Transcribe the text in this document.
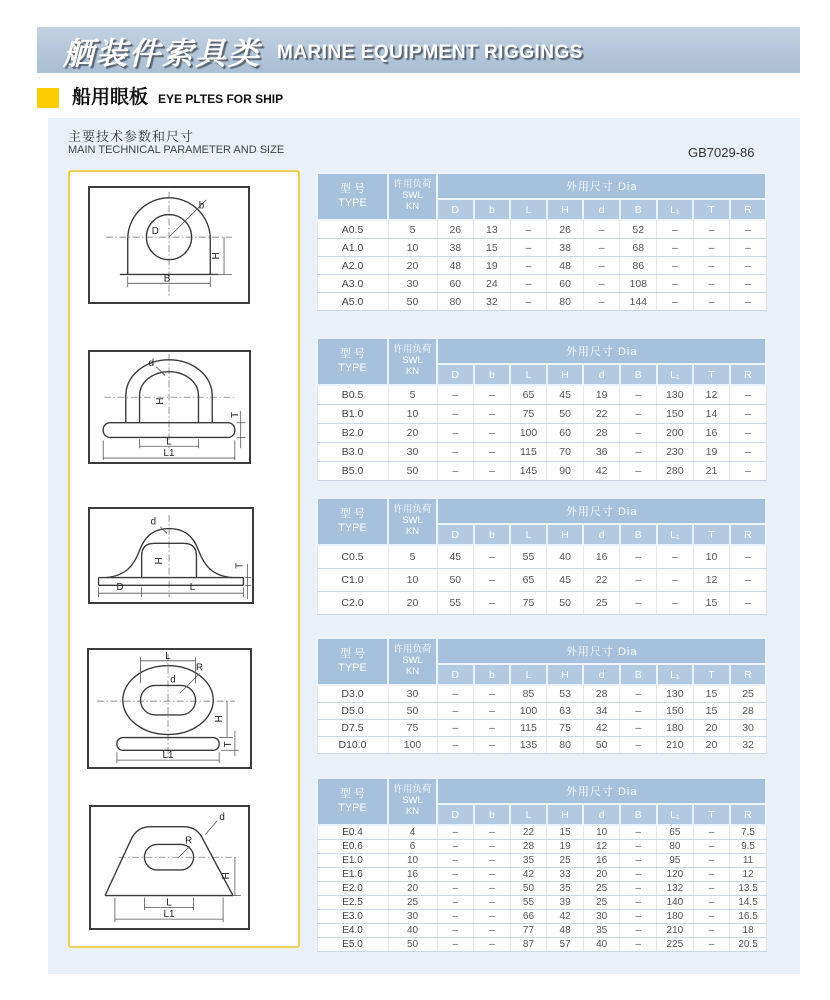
舾装件索具类 MARINE EQUIPMENT RIGGINGS
船用眼板 EYE PLTES FOR SHIP
主要技术参数和尺寸
MAIN TECHNICAL PARAMETER AND SIZE	GB7029-86
D
b
H
B
d
H
L
L1
T
d
H
D	L
T
L
d
R
H
L1
T
d
R
H
L
L1
型 号
TYPE	许用负荷
SWL
KN	外用尺寸 Dia								
		D	b	L	H	d	B	L₁	T	R
A0.5	5	26	13	–	26	–	52	–	–	–
A1.0	10	38	15	–	38	–	68	–	–	–
A2.0	20	48	19	–	48	–	86	–	–	–
A3.0	30	60	24	–	60	–	108	–	–	–
A5.0	50	80	32	–	80	–	144	–	–	–
型 号
TYPE	许用负荷
SWL
KN	外用尺寸 Dia								
		D	b	L	H	d	B	L₁	T	R
B0.5	5	–	–	65	45	19	–	130	12	–
B1.0	10	–	–	75	50	22	–	150	14	–
B2.0	20	–	–	100	60	28	–	200	16	–
B3.0	30	–	–	115	70	36	–	230	19	–
B5.0	50	–	–	145	90	42	–	280	21	–
型 号
TYPE	许用负荷
SWL
KN	外用尺寸 Dia								
		D	b	L	H	d	B	L₁	T	R
C0.5	5	45	–	55	40	16	–	–	10	–
C1.0	10	50	–	65	45	22	–	–	12	–
C2.0	20	55	–	75	50	25	–	–	15	–
型 号
TYPE	许用负荷
SWL
KN	外用尺寸 Dia								
		D	b	L	H	d	B	L₁	T	R
D3.0	30	–	–	85	53	28	–	130	15	25
D5.0	50	–	–	100	63	34	–	150	15	28
D7.5	75	–	–	115	75	42	–	180	20	30
D10.0	100	–	–	135	80	50	–	210	20	32
型 号
TYPE	许用负荷
SWL
KN	外用尺寸 Dia								
		D	b	L	H	d	B	L₁	T	R
E0.4	4	–	–	22	15	10	–	65	–	7.5
E0.6	6	–	–	28	19	12	–	80	–	9.5
E1.0	10	–	–	35	25	16	–	95	–	11
E1.6	16	–	–	42	33	20	–	120	–	12
E2.0	20	–	–	50	35	25	–	132	–	13.5
E2.5	25	–	–	55	39	25	–	140	–	14.5
E3.0	30	–	–	66	42	30	–	180	–	16.5
E4.0	40	–	–	77	48	35	–	210	–	18
E5.0	50	–	–	87	57	40	–	225	–	20.5
